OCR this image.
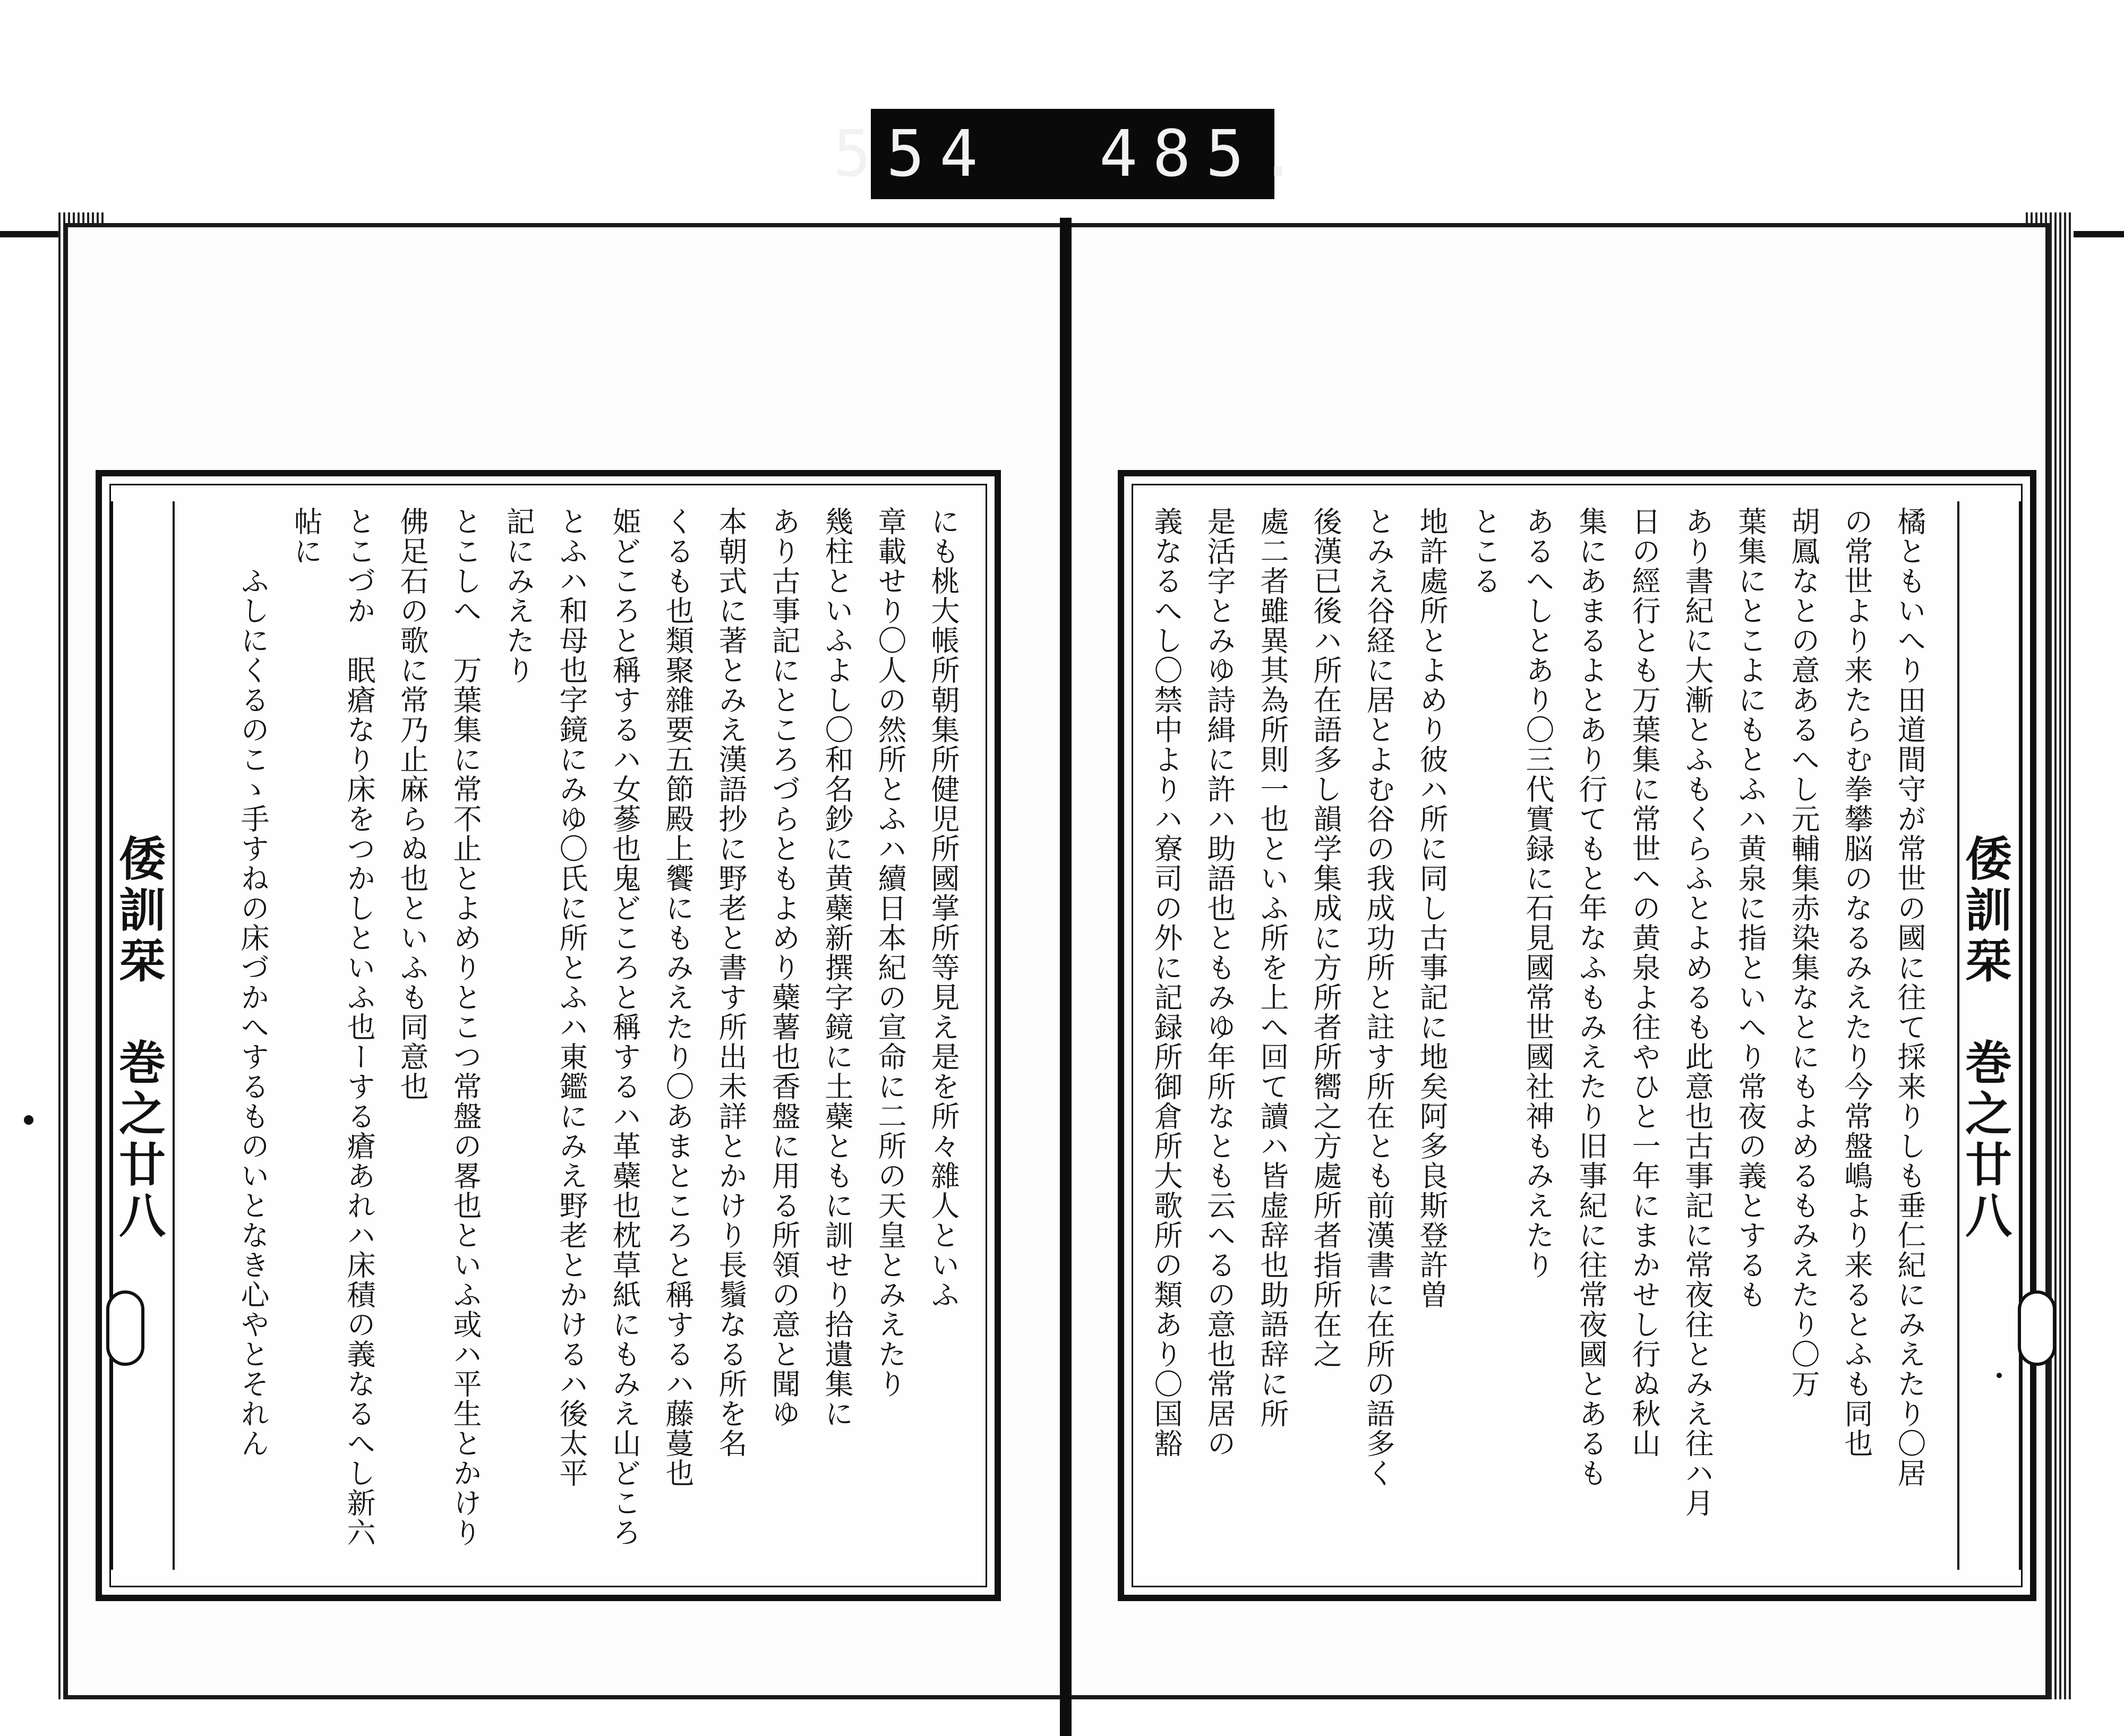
554  485.
倭訓栞　巻之廿八	にも桃大帳所朝集所健児所國掌所等見え是を所々雜人といふ
章載せり〇人の然所とふハ續日本紀の宣命に二所の天皇とみえたり
幾柱といふよし〇和名鈔に黄蘗新撰字鏡に土蘗ともに訓せり拾遺集に
あり古事記にところづらともよめり蘗薯也香盤に用る所領の意と聞ゆ
本朝式に著とみえ漢語抄に野老と書す所出未詳とかけり長鬚なる所を名
くるも也類聚雜要五節殿上饗にもみえたり〇あまところと稱するハ藤蔓也
姫どころと稱するハ女蔘也鬼どころと稱するハ革蘗也枕草紙にもみえ山どころ
とふハ和母也字鏡にみゆ〇氏に所とふハ東鑑にみえ野老とかけるハ後太平
記にみえたり
とこしへ　万葉集に常不止とよめりとこつ常盤の畧也といふ或ハ平生とかけり
佛足石の歌に常乃止麻らぬ也といふも同意也
とこづか　眠瘡なり床をつかしといふ也ーする瘡あれハ床積の義なるへし新六
帖に
　　ふしにくるのこゝ手すねの床づかへするものいとなき心やとそれん	倭訓栞　巻之廿八
橘ともいへり田道間守が常世の國に往て採来りしも垂仁紀にみえたり〇居
の常世より来たらむ拳攀脳のなるみえたり今常盤嶋より来るとふも同也
胡鳳なとの意あるへし元輔集赤染集なとにもよめるもみえたり〇万
葉集にとこよにもとふハ黄泉に指といへり常夜の義とするも
あり書紀に大漸とふもくらふとよめるも此意也古事記に常夜往とみえ往ハ月
日の經行とも万葉集に常世への黄泉よ往やひと一年にまかせし行ぬ秋山
集にあまるよとあり行てもと年なふもみえたり旧事紀に往常夜國とあるも
あるへしとあり〇三代實録に石見國常世國社神もみえたり
とこる
地許處所とよめり彼ハ所に同し古事記に地矣阿多良斯登許曽
とみえ谷経に居とよむ谷の我成功所と註す所在とも前漢書に在所の語多く
後漢已後ハ所在語多し韻学集成に方所者所嚮之方處所者指所在之
處二者雖異其為所則一也といふ所を上へ回て讀ハ皆虚辞也助語辞に所
是活字とみゆ詩緝に許ハ助語也ともみゆ年所なとも云へるの意也常居の
義なるへし〇禁中よりハ寮司の外に記録所御倉所大歌所の類あり〇国豁
